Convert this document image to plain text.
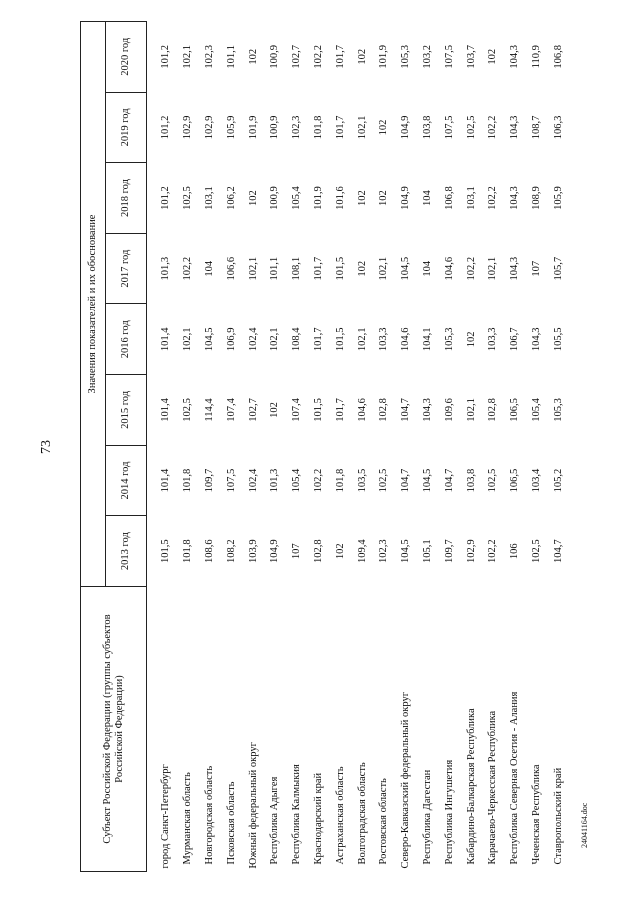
73
24041164.doc
Субъект Российской Федерации (группы субъектов Российской Федерации)	Значения показателей и их обоснование							
	2013 год	2014 год	2015 год	2016 год	2017 год	2018 год	2019 год	2020 год
город Санкт-Петербург	101,5	101,4	101,4	101,4	101,3	101,2	101,2	101,2
Мурманская область	101,8	101,8	102,5	102,1	102,2	102,5	102,9	102,1
Новгородская область	108,6	109,7	114,4	104,5	104	103,1	102,9	102,3
Псковская область	108,2	107,5	107,4	106,9	106,6	106,2	105,9	101,1
Южный федеральный округ	103,9	102,4	102,7	102,4	102,1	102	101,9	102
Республика Адыгея	104,9	101,3	102	102,1	101,1	100,9	100,9	100,9
Республика Калмыкия	107	105,4	107,4	108,4	108,1	105,4	102,3	102,7
Краснодарский край	102,8	102,2	101,5	101,7	101,7	101,9	101,8	102,2
Астраханская область	102	101,8	101,7	101,5	101,5	101,6	101,7	101,7
Волгоградская область	109,4	103,5	104,6	102,1	102	102	102,1	102
Ростовская область	102,3	102,5	102,8	103,3	102,1	102	102	101,9
Северо-Кавказский федеральный округ	104,5	104,7	104,7	104,6	104,5	104,9	104,9	105,3
Республика Дагестан	105,1	104,5	104,3	104,1	104	104	103,8	103,2
Республика Ингушетия	109,7	104,7	109,6	105,3	104,6	106,8	107,5	107,5
Кабардино-Балкарская Республика	102,9	103,8	102,1	102	102,2	103,1	102,5	103,7
Карачаево-Черкесская Республика	102,2	102,5	102,8	103,3	102,1	102,2	102,2	102
Республика Северная Осетия - Алания	106	106,5	106,5	106,7	104,3	104,3	104,3	104,3
Чеченская Республика	102,5	103,4	105,4	104,3	107	108,9	108,7	110,9
Ставропольский край	104,7	105,2	105,3	105,5	105,7	105,9	106,3	106,8
